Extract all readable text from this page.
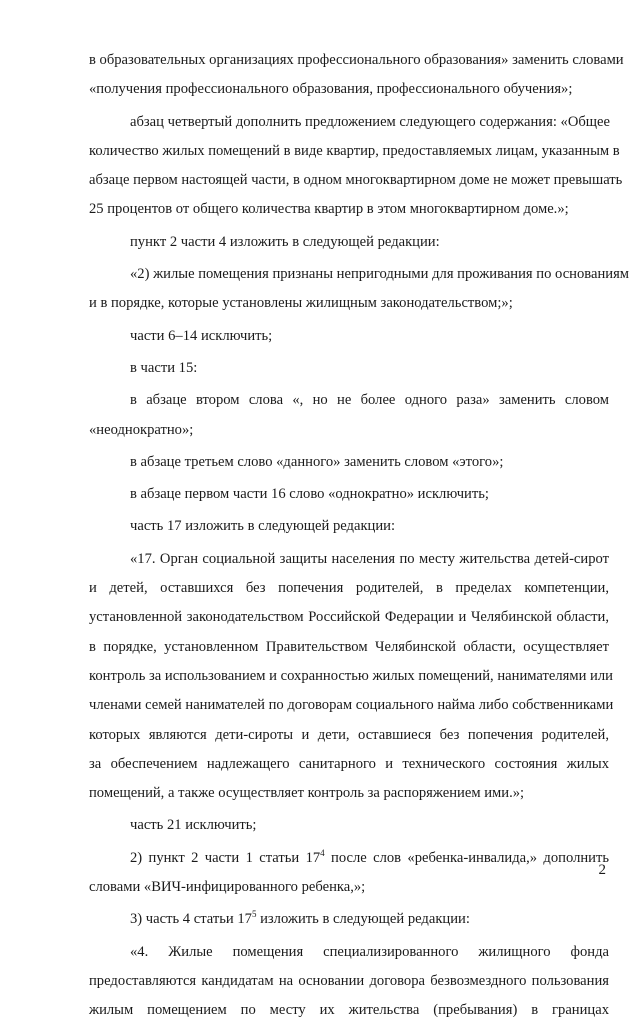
в образовательных организациях профессионального образования» заменить словами
«получения профессионального образования, профессионального обучения»;
абзац четвертый дополнить предложением следующего содержания: «Общее
количество жилых помещений в виде квартир, предоставляемых лицам, указанным в
абзаце первом настоящей части, в одном многоквартирном доме не может превышать
25 процентов от общего количества квартир в этом многоквартирном доме.»;
пункт 2 части 4 изложить в следующей редакции:
«2) жилые помещения признаны непригодными для проживания по основаниям
и в порядке, которые установлены жилищным законодательством;»;
части 6–14 исключить;
в части 15:
в абзаце втором слова «, но не более одного раза» заменить словом
«неоднократно»;
в абзаце третьем слово «данного» заменить словом «этого»;
в абзаце первом части 16 слово «однократно» исключить;
часть 17 изложить в следующей редакции:
«17. Орган социальной защиты населения по месту жительства детей-сирот
и детей, оставшихся без попечения родителей, в пределах компетенции,
установленной законодательством Российской Федерации и Челябинской области,
в порядке, установленном Правительством Челябинской области, осуществляет
контроль за использованием и сохранностью жилых помещений, нанимателями или
членами семей нанимателей по договорам социального найма либо собственниками
которых являются дети-сироты и дети, оставшиеся без попечения родителей,
за обеспечением надлежащего санитарного и технического состояния жилых
помещений, а также осуществляет контроль за распоряжением ими.»;
часть 21 исключить;
2) пункт 2 части 1 статьи $17^4$ после слов «ребенка-инвалида,» дополнить
словами «ВИЧ-инфицированного ребенка,»;
3) часть 4 статьи $17^5$ изложить в следующей редакции:
«4. Жилые помещения специализированного жилищного фонда
предоставляются кандидатам на основании договора безвозмездного пользования
жилым помещением по месту их жительства (пребывания) в границах
2
